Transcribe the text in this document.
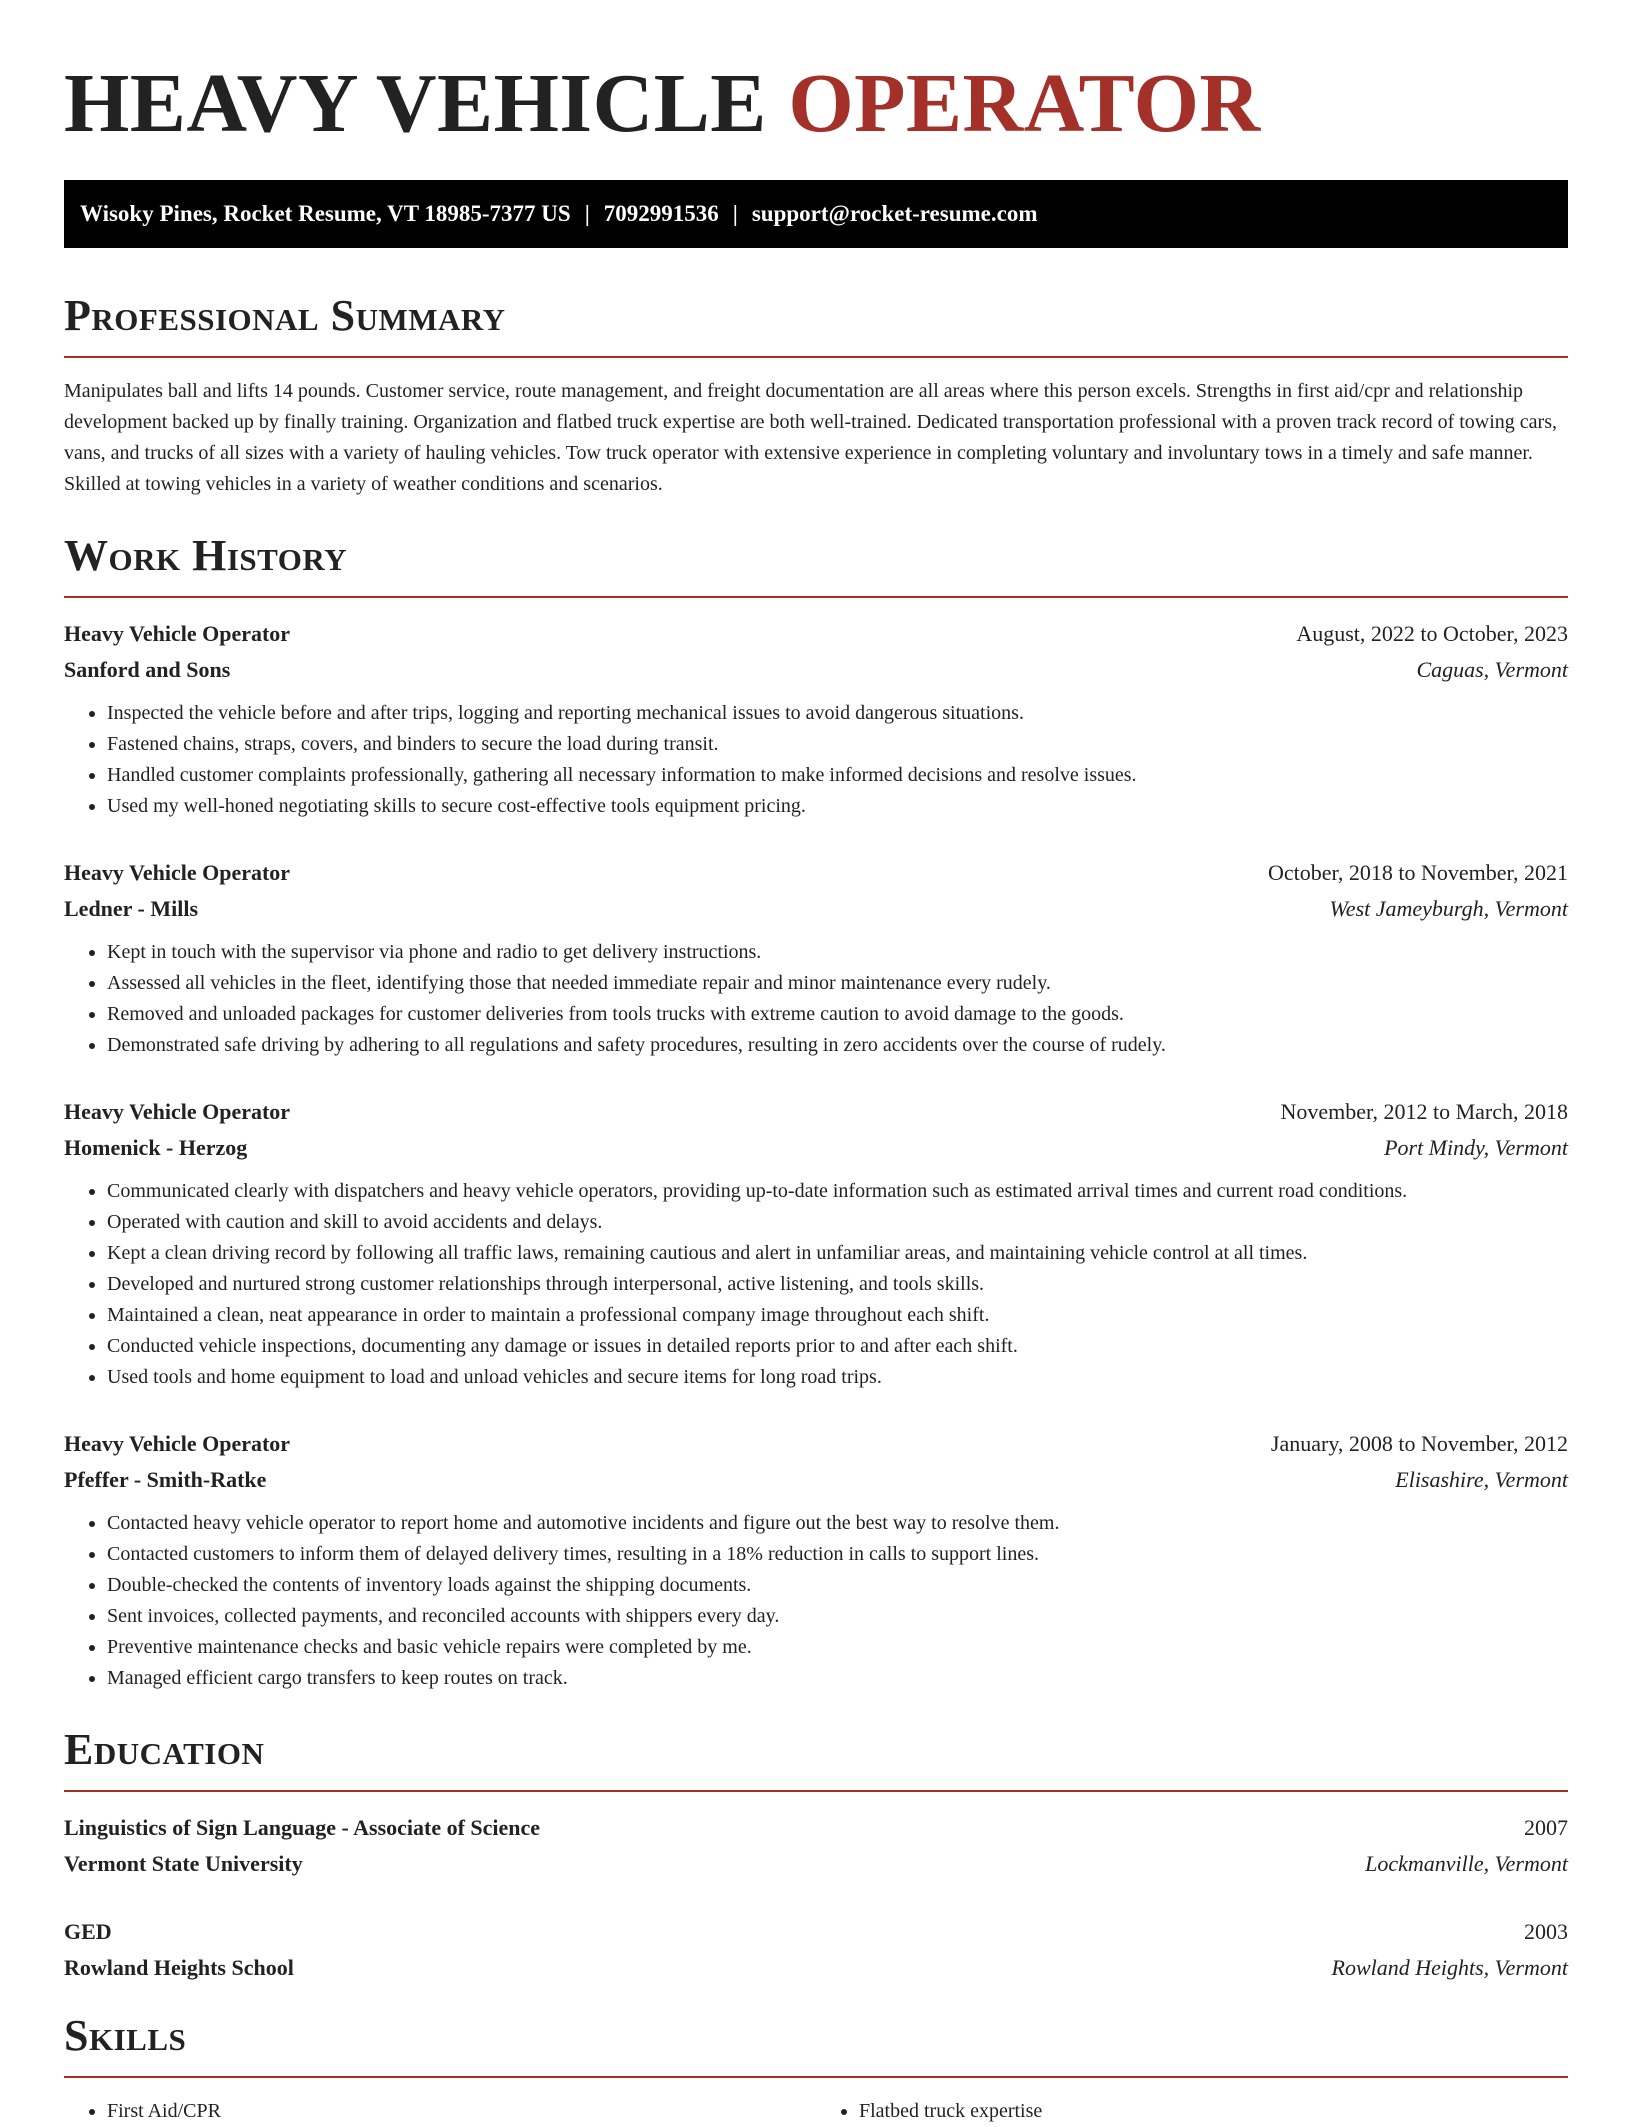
HEAVY VEHICLE OPERATOR
Wisoky Pines, Rocket Resume, VT 18985-7377 US | 7092991536 | support@rocket-resume.com
Professional Summary

Manipulates ball and lifts 14 pounds. Customer service, route management, and freight documentation are all areas where this person excels. Strengths in first aid/cpr and relationship development backed up by finally training. Organization and flatbed truck expertise are both well-trained. Dedicated transportation professional with a proven track record of towing cars, vans, and trucks of all sizes with a variety of hauling vehicles. Tow truck operator with extensive experience in completing voluntary and involuntary tows in a timely and safe manner. Skilled at towing vehicles in a variety of weather conditions and scenarios.

Work History
Heavy Vehicle Operator	August, 2022 to October, 2023
Sanford and Sons	Caguas, Vermont
• Inspected the vehicle before and after trips, logging and reporting mechanical issues to avoid dangerous situations.
• Fastened chains, straps, covers, and binders to secure the load during transit.
• Handled customer complaints professionally, gathering all necessary information to make informed decisions and resolve issues.
• Used my well-honed negotiating skills to secure cost-effective tools equipment pricing.
Heavy Vehicle Operator	October, 2018 to November, 2021
Ledner - Mills	West Jameyburgh, Vermont
• Kept in touch with the supervisor via phone and radio to get delivery instructions.
• Assessed all vehicles in the fleet, identifying those that needed immediate repair and minor maintenance every rudely.
• Removed and unloaded packages for customer deliveries from tools trucks with extreme caution to avoid damage to the goods.
• Demonstrated safe driving by adhering to all regulations and safety procedures, resulting in zero accidents over the course of rudely.
Heavy Vehicle Operator	November, 2012 to March, 2018
Homenick - Herzog	Port Mindy, Vermont
• Communicated clearly with dispatchers and heavy vehicle operators, providing up-to-date information such as estimated arrival times and current road conditions.
• Operated with caution and skill to avoid accidents and delays.
• Kept a clean driving record by following all traffic laws, remaining cautious and alert in unfamiliar areas, and maintaining vehicle control at all times.
• Developed and nurtured strong customer relationships through interpersonal, active listening, and tools skills.
• Maintained a clean, neat appearance in order to maintain a professional company image throughout each shift.
• Conducted vehicle inspections, documenting any damage or issues in detailed reports prior to and after each shift.
• Used tools and home equipment to load and unload vehicles and secure items for long road trips.
Heavy Vehicle Operator	January, 2008 to November, 2012
Pfeffer - Smith-Ratke	Elisashire, Vermont
• Contacted heavy vehicle operator to report home and automotive incidents and figure out the best way to resolve them.
• Contacted customers to inform them of delayed delivery times, resulting in a 18% reduction in calls to support lines.
• Double-checked the contents of inventory loads against the shipping documents.
• Sent invoices, collected payments, and reconciled accounts with shippers every day.
• Preventive maintenance checks and basic vehicle repairs were completed by me.
• Managed efficient cargo transfers to keep routes on track.
Education
Linguistics of Sign Language - Associate of Science	2007
Vermont State University	Lockmanville, Vermont
GED	2003
Rowland Heights School	Rowland Heights, Vermont
Skills
• First Aid/CPR
•	Flatbed truck expertise
